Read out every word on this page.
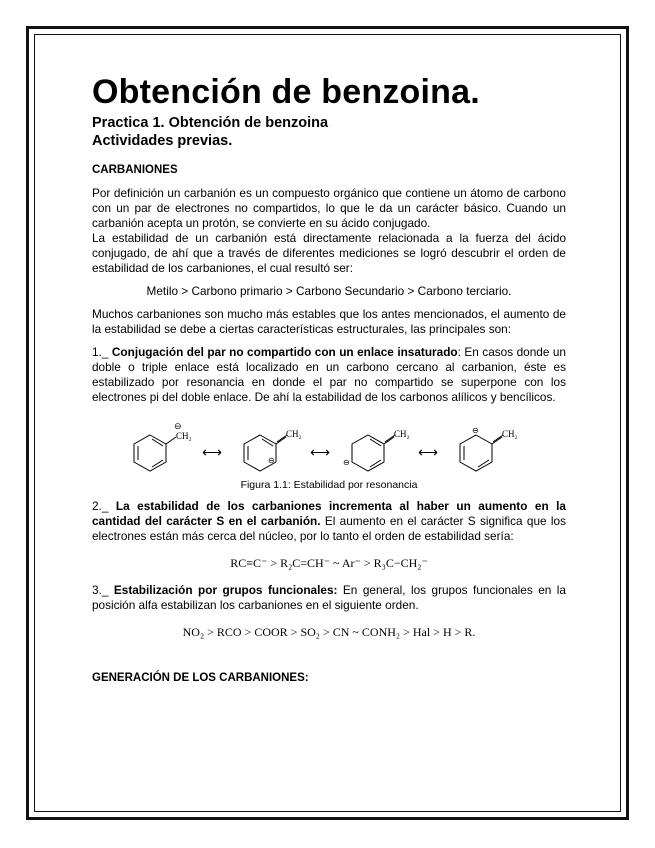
Obtención de benzoina.
Practica 1. Obtención de benzoina
Actividades previas.
CARBANIONES

Por definición un carbanión es un compuesto orgánico que contiene un átomo de carbono con un par de electrones no compartidos, lo que le da un carácter básico. Cuando un carbanión acepta un protón, se convierte en su ácido conjugado.

La estabilidad de un carbanión está directamente relacionada a la fuerza del ácido conjugado, de ahí que a través de diferentes mediciones se logró descubrir el orden de estabilidad de los carbaniones, el cual resultó ser:

Metilo > Carbono primario > Carbono Secundario > Carbono terciario.

Muchos carbaniones son mucho más estables que los antes mencionados, el aumento de la estabilidad se debe a ciertas características estructurales, las principales son:

1._ Conjugación del par no compartido con un enlace insaturado: En casos donde un doble o triple enlace está localizado en un carbono cercano al carbanion, éste es estabilizado por resonancia en donde el par no compartido se superpone con los electrones pi del doble enlace. De ahí la estabilidad de los carbonos alílicos y bencílicos.

CH₂
⊖
⟷
CH₂
⊖	⟷
CH₂
⊖
⟷
CH₂
⊖
Figura 1.1: Estabilidad por resonancia

2._ La estabilidad de los carbaniones incrementa al haber un aumento en la cantidad del carácter S en el carbanión. El aumento en el carácter S significa que los electrones están más cerca del núcleo, por lo tanto el orden de estabilidad sería:

RC≡C⁻ > R₂C=CH⁻ ~ Ar⁻ > R₃C−CH₂⁻

3._ Estabilización por grupos funcionales: En general, los grupos funcionales en la posición alfa estabilizan los carbaniones en el siguiente orden.

NO₂ > RCO > COOR > SO₂ > CN ~ CONH₂ > Hal > H > R.
GENERACIÓN DE LOS CARBANIONES:
